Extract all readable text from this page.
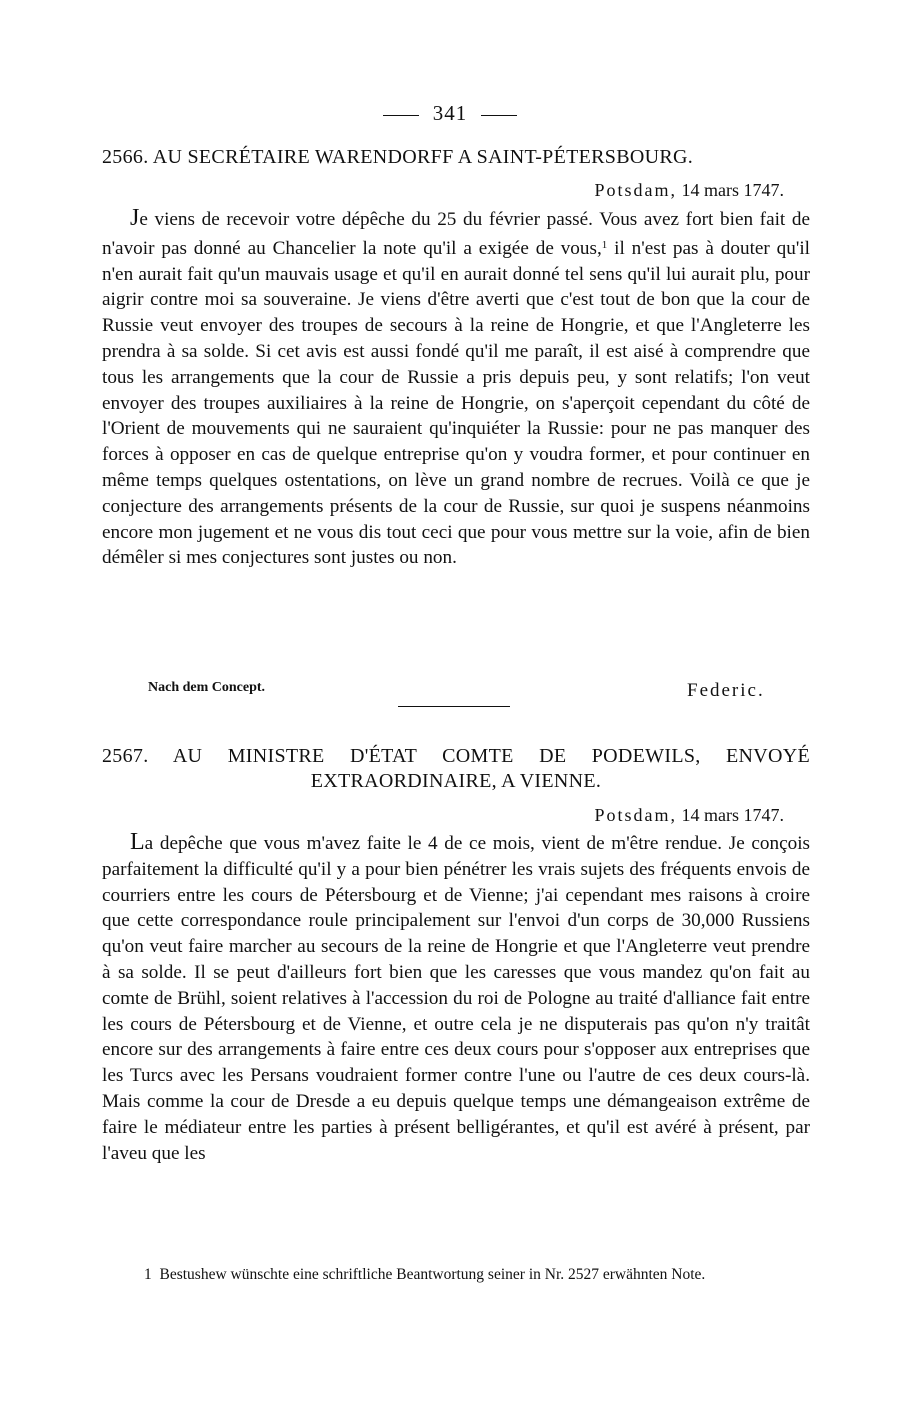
341
2566. AU SECRÉTAIRE WARENDORFF A SAINT-PÉTERSBOURG.
Potsdam, 14 mars 1747.

Je viens de recevoir votre dépêche du 25 du février passé. Vous avez fort bien fait de n'avoir pas donné au Chancelier la note qu'il a exigée de vous,$^1$ il n'est pas à douter qu'il n'en aurait fait qu'un mauvais usage et qu'il en aurait donné tel sens qu'il lui aurait plu, pour aigrir contre moi sa souveraine. Je viens d'être averti que c'est tout de bon que la cour de Russie veut envoyer des troupes de secours à la reine de Hongrie, et que l'Angleterre les prendra à sa solde. Si cet avis est aussi fondé qu'il me paraît, il est aisé à comprendre que tous les arrangements que la cour de Russie a pris depuis peu, y sont relatifs; l'on veut envoyer des troupes auxiliaires à la reine de Hongrie, on s'aperçoit cependant du côté de l'Orient de mouvements qui ne sauraient qu'inquiéter la Russie: pour ne pas manquer des forces à opposer en cas de quelque entreprise qu'on y voudra former, et pour continuer en même temps quelques ostentations, on lève un grand nombre de recrues. Voilà ce que je conjecture des arrangements présents de la cour de Russie, sur quoi je suspens néanmoins encore mon jugement et ne vous dis tout ceci que pour vous mettre sur la voie, afin de bien démêler si mes conjectures sont justes ou non.

Nach dem Concept.	Federic.
2567. AU MINISTRE D'ÉTAT COMTE DE PODEWILS, ENVOYÉ EXTRAORDINAIRE, A VIENNE.
Potsdam, 14 mars 1747.

La depêche que vous m'avez faite le 4 de ce mois, vient de m'être rendue. Je conçois parfaitement la difficulté qu'il y a pour bien pénétrer les vrais sujets des fréquents envois de courriers entre les cours de Pétersbourg et de Vienne; j'ai cependant mes raisons à croire que cette correspondance roule principalement sur l'envoi d'un corps de 30,000 Russiens qu'on veut faire marcher au secours de la reine de Hongrie et que l'Angleterre veut prendre à sa solde. Il se peut d'ailleurs fort bien que les caresses que vous mandez qu'on fait au comte de Brühl, soient relatives à l'accession du roi de Pologne au traité d'alliance fait entre les cours de Pétersbourg et de Vienne, et outre cela je ne disputerais pas qu'on n'y traitât encore sur des arrangements à faire entre ces deux cours pour s'opposer aux entreprises que les Turcs avec les Persans voudraient former contre l'une ou l'autre de ces deux cours-là. Mais comme la cour de Dresde a eu depuis quelque temps une démangeaison extrême de faire le médiateur entre les parties à présent belligérantes, et qu'il est avéré à présent, par l'aveu que les

1 Bestushew wünschte eine schriftliche Beantwortung seiner in Nr. 2527 erwähnten Note.
